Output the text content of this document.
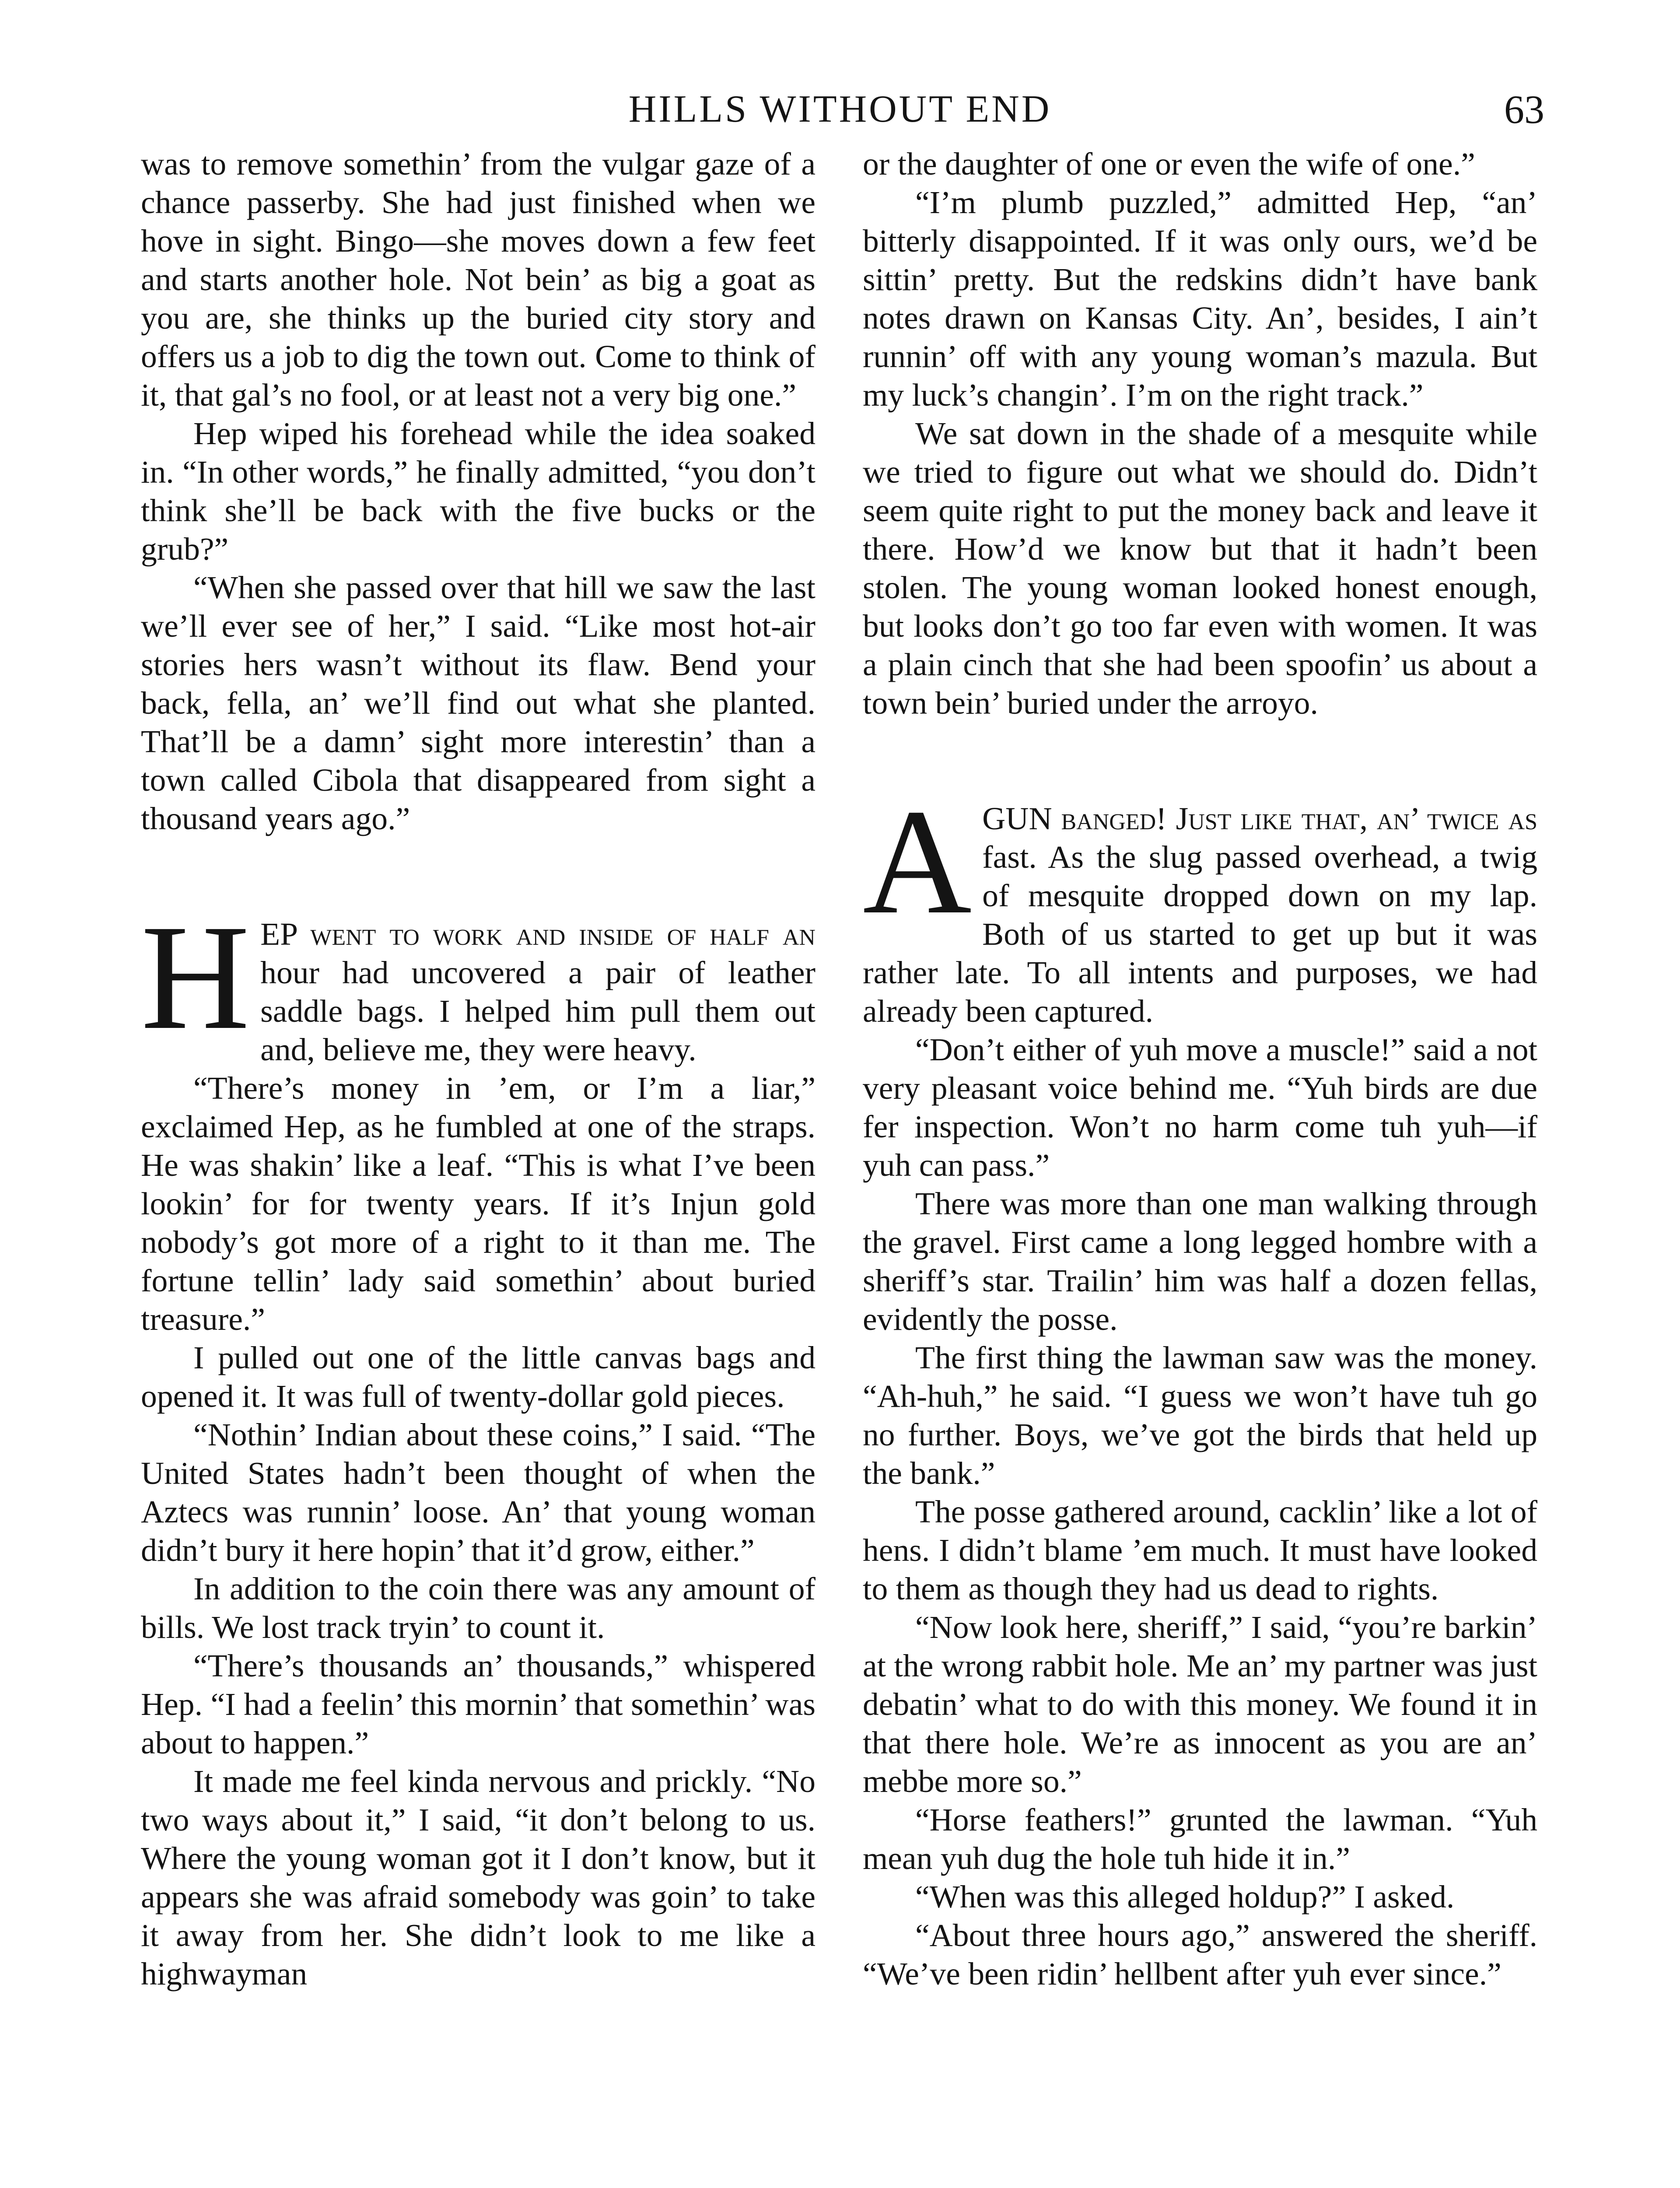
HILLS WITHOUT END	63

was to remove somethin’ from the vulgar gaze of a chance passerby. She had just finished when we hove in sight. Bingo—she moves down a few feet and starts another hole. Not bein’ as big a goat as you are, she thinks up the buried city story and offers us a job to dig the town out. Come to think of it, that gal’s no fool, or at least not a very big one.”

Hep wiped his forehead while the idea soaked in. “In other words,” he finally admitted, “you don’t think she’ll be back with the five bucks or the grub?”

“When she passed over that hill we saw the last we’ll ever see of her,” I said. “Like most hot-air stories hers wasn’t without its flaw. Bend your back, fella, an’ we’ll find out what she planted. That’ll be a damn’ sight more interestin’ than a town called Cibola that disappeared from sight a thousand years ago.”

HEP went to work and inside of half an hour had uncovered a pair of leather saddle bags. I helped him pull them out and, believe me, they were heavy.

“There’s money in ’em, or I’m a liar,” exclaimed Hep, as he fumbled at one of the straps. He was shakin’ like a leaf. “This is what I’ve been lookin’ for for twenty years. If it’s Injun gold nobody’s got more of a right to it than me. The fortune tellin’ lady said somethin’ about buried treasure.”

I pulled out one of the little canvas bags and opened it. It was full of twenty-dollar gold pieces.

“Nothin’ Indian about these coins,” I said. “The United States hadn’t been thought of when the Aztecs was runnin’ loose. An’ that young woman didn’t bury it here hopin’ that it’d grow, either.”

In addition to the coin there was any amount of bills. We lost track tryin’ to count it.

“There’s thousands an’ thousands,” whispered Hep. “I had a feelin’ this mornin’ that somethin’ was about to happen.”

It made me feel kinda nervous and prickly. “No two ways about it,” I said, “it don’t belong to us. Where the young woman got it I don’t know, but it appears she was afraid somebody was goin’ to take it away from her. She didn’t look to me like a highwayman

or the daughter of one or even the wife of one.”

“I’m plumb puzzled,” admitted Hep, “an’ bitterly disappointed. If it was only ours, we’d be sittin’ pretty. But the redskins didn’t have bank notes drawn on Kansas City. An’, besides, I ain’t runnin’ off with any young woman’s mazula. But my luck’s changin’. I’m on the right track.”

We sat down in the shade of a mesquite while we tried to figure out what we should do. Didn’t seem quite right to put the money back and leave it there. How’d we know but that it hadn’t been stolen. The young woman looked honest enough, but looks don’t go too far even with women. It was a plain cinch that she had been spoofin’ us about a town bein’ buried under the arroyo.

AGUN banged! Just like that, an’ twice as fast. As the slug passed overhead, a twig of mesquite dropped down on my lap. Both of us started to get up but it was rather late. To all intents and purposes, we had already been captured.

“Don’t either of yuh move a muscle!” said a not very pleasant voice behind me. “Yuh birds are due fer inspection. Won’t no harm come tuh yuh—if yuh can pass.”

There was more than one man walking through the gravel. First came a long legged hombre with a sheriff’s star. Trailin’ him was half a dozen fellas, evidently the posse.

The first thing the lawman saw was the money. “Ah-huh,” he said. “I guess we won’t have tuh go no further. Boys, we’ve got the birds that held up the bank.”

The posse gathered around, cacklin’ like a lot of hens. I didn’t blame ’em much. It must have looked to them as though they had us dead to rights.

“Now look here, sheriff,” I said, “you’re barkin’ at the wrong rabbit hole. Me an’ my partner was just debatin’ what to do with this money. We found it in that there hole. We’re as innocent as you are an’ mebbe more so.”

“Horse feathers!” grunted the lawman. “Yuh mean yuh dug the hole tuh hide it in.”

“When was this alleged holdup?” I asked.

“About three hours ago,” answered the sheriff. “We’ve been ridin’ hellbent after yuh ever since.”
